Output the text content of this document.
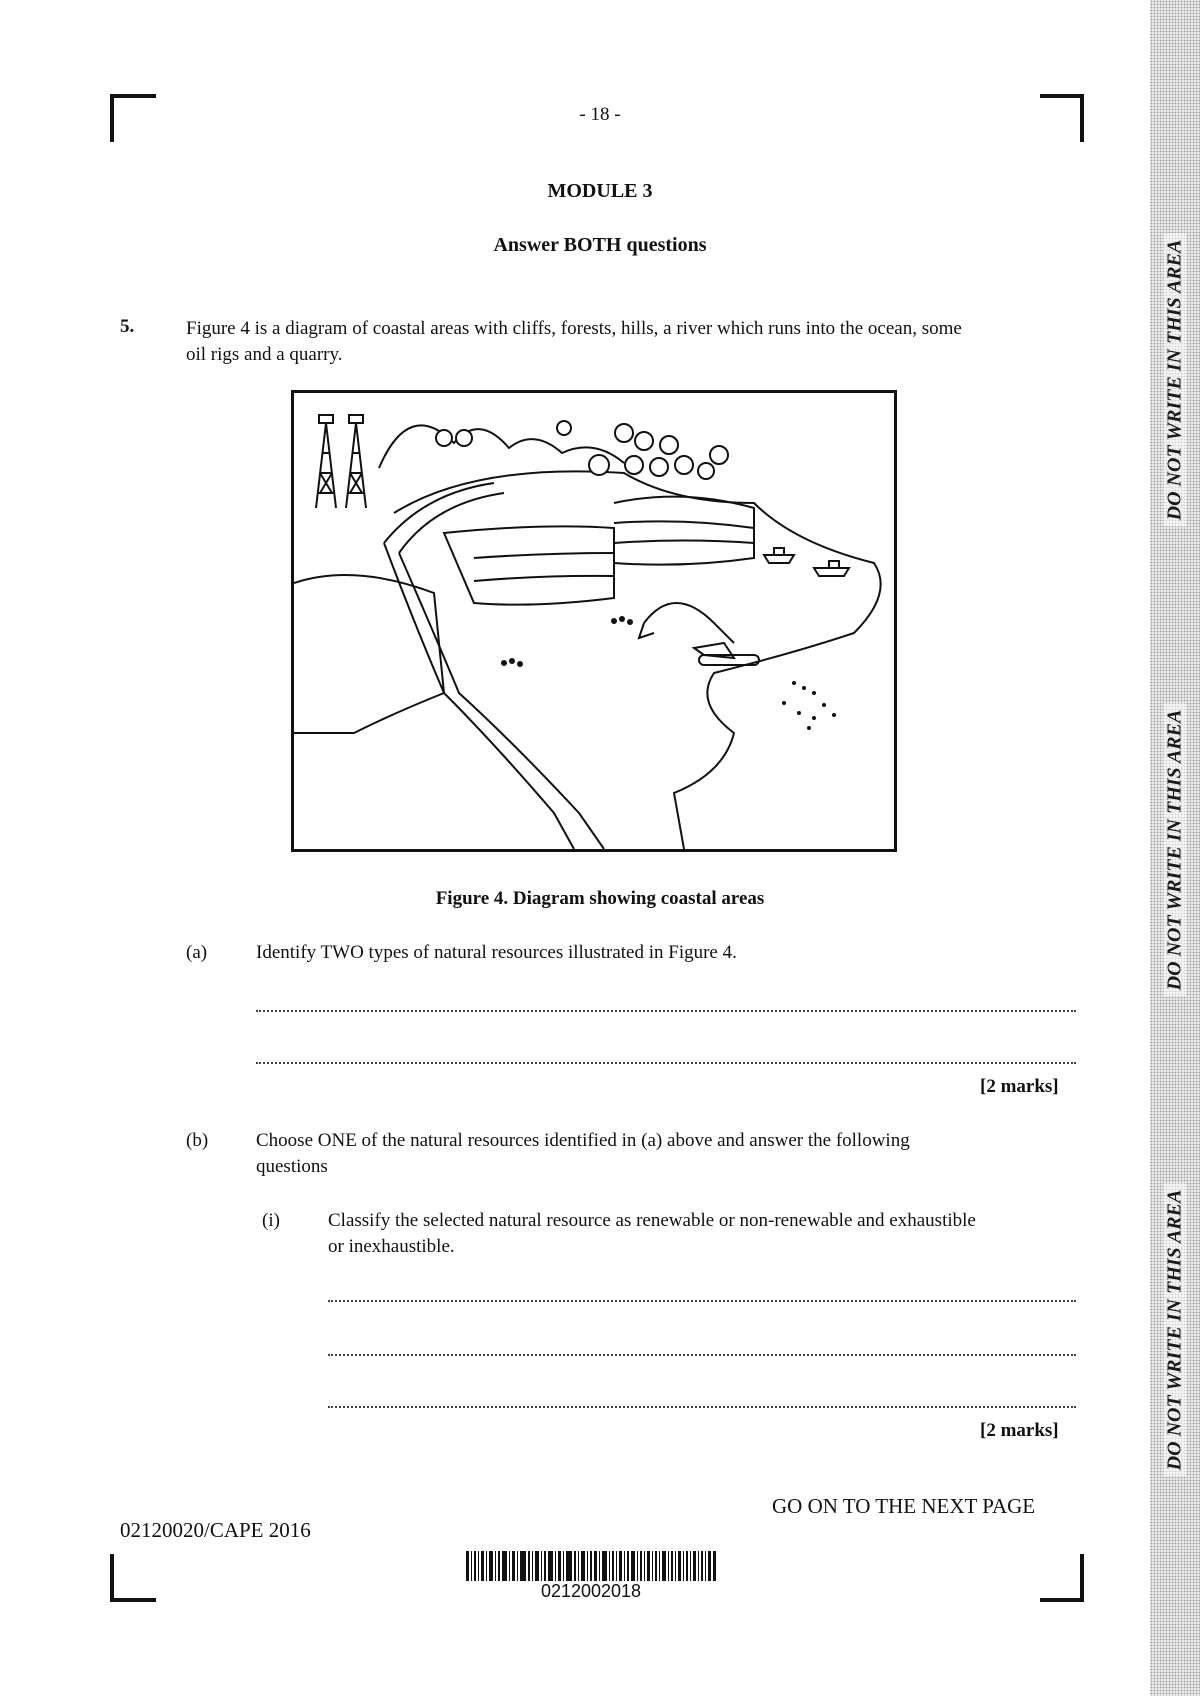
- 18 -
MODULE 3
Answer BOTH questions
5.	Figure 4 is a diagram of coastal areas with cliffs, forests, hills, a river which runs into the ocean, some
oil rigs and a quarry.
Figure 4. Diagram showing coastal areas
(a)	Identify TWO types of natural resources illustrated in Figure 4.
[2 marks]
(b)	Choose ONE of the natural resources identified in (a) above and answer the following
questions
(i)	Classify the selected natural resource as renewable or non-renewable and exhaustible
or inexhaustible.
[2 marks]
GO ON TO THE NEXT PAGE
02120020/CAPE 2016
0212002018
DO NOT WRITE IN THIS AREA
DO NOT WRITE IN THIS AREA
DO NOT WRITE IN THIS AREA
